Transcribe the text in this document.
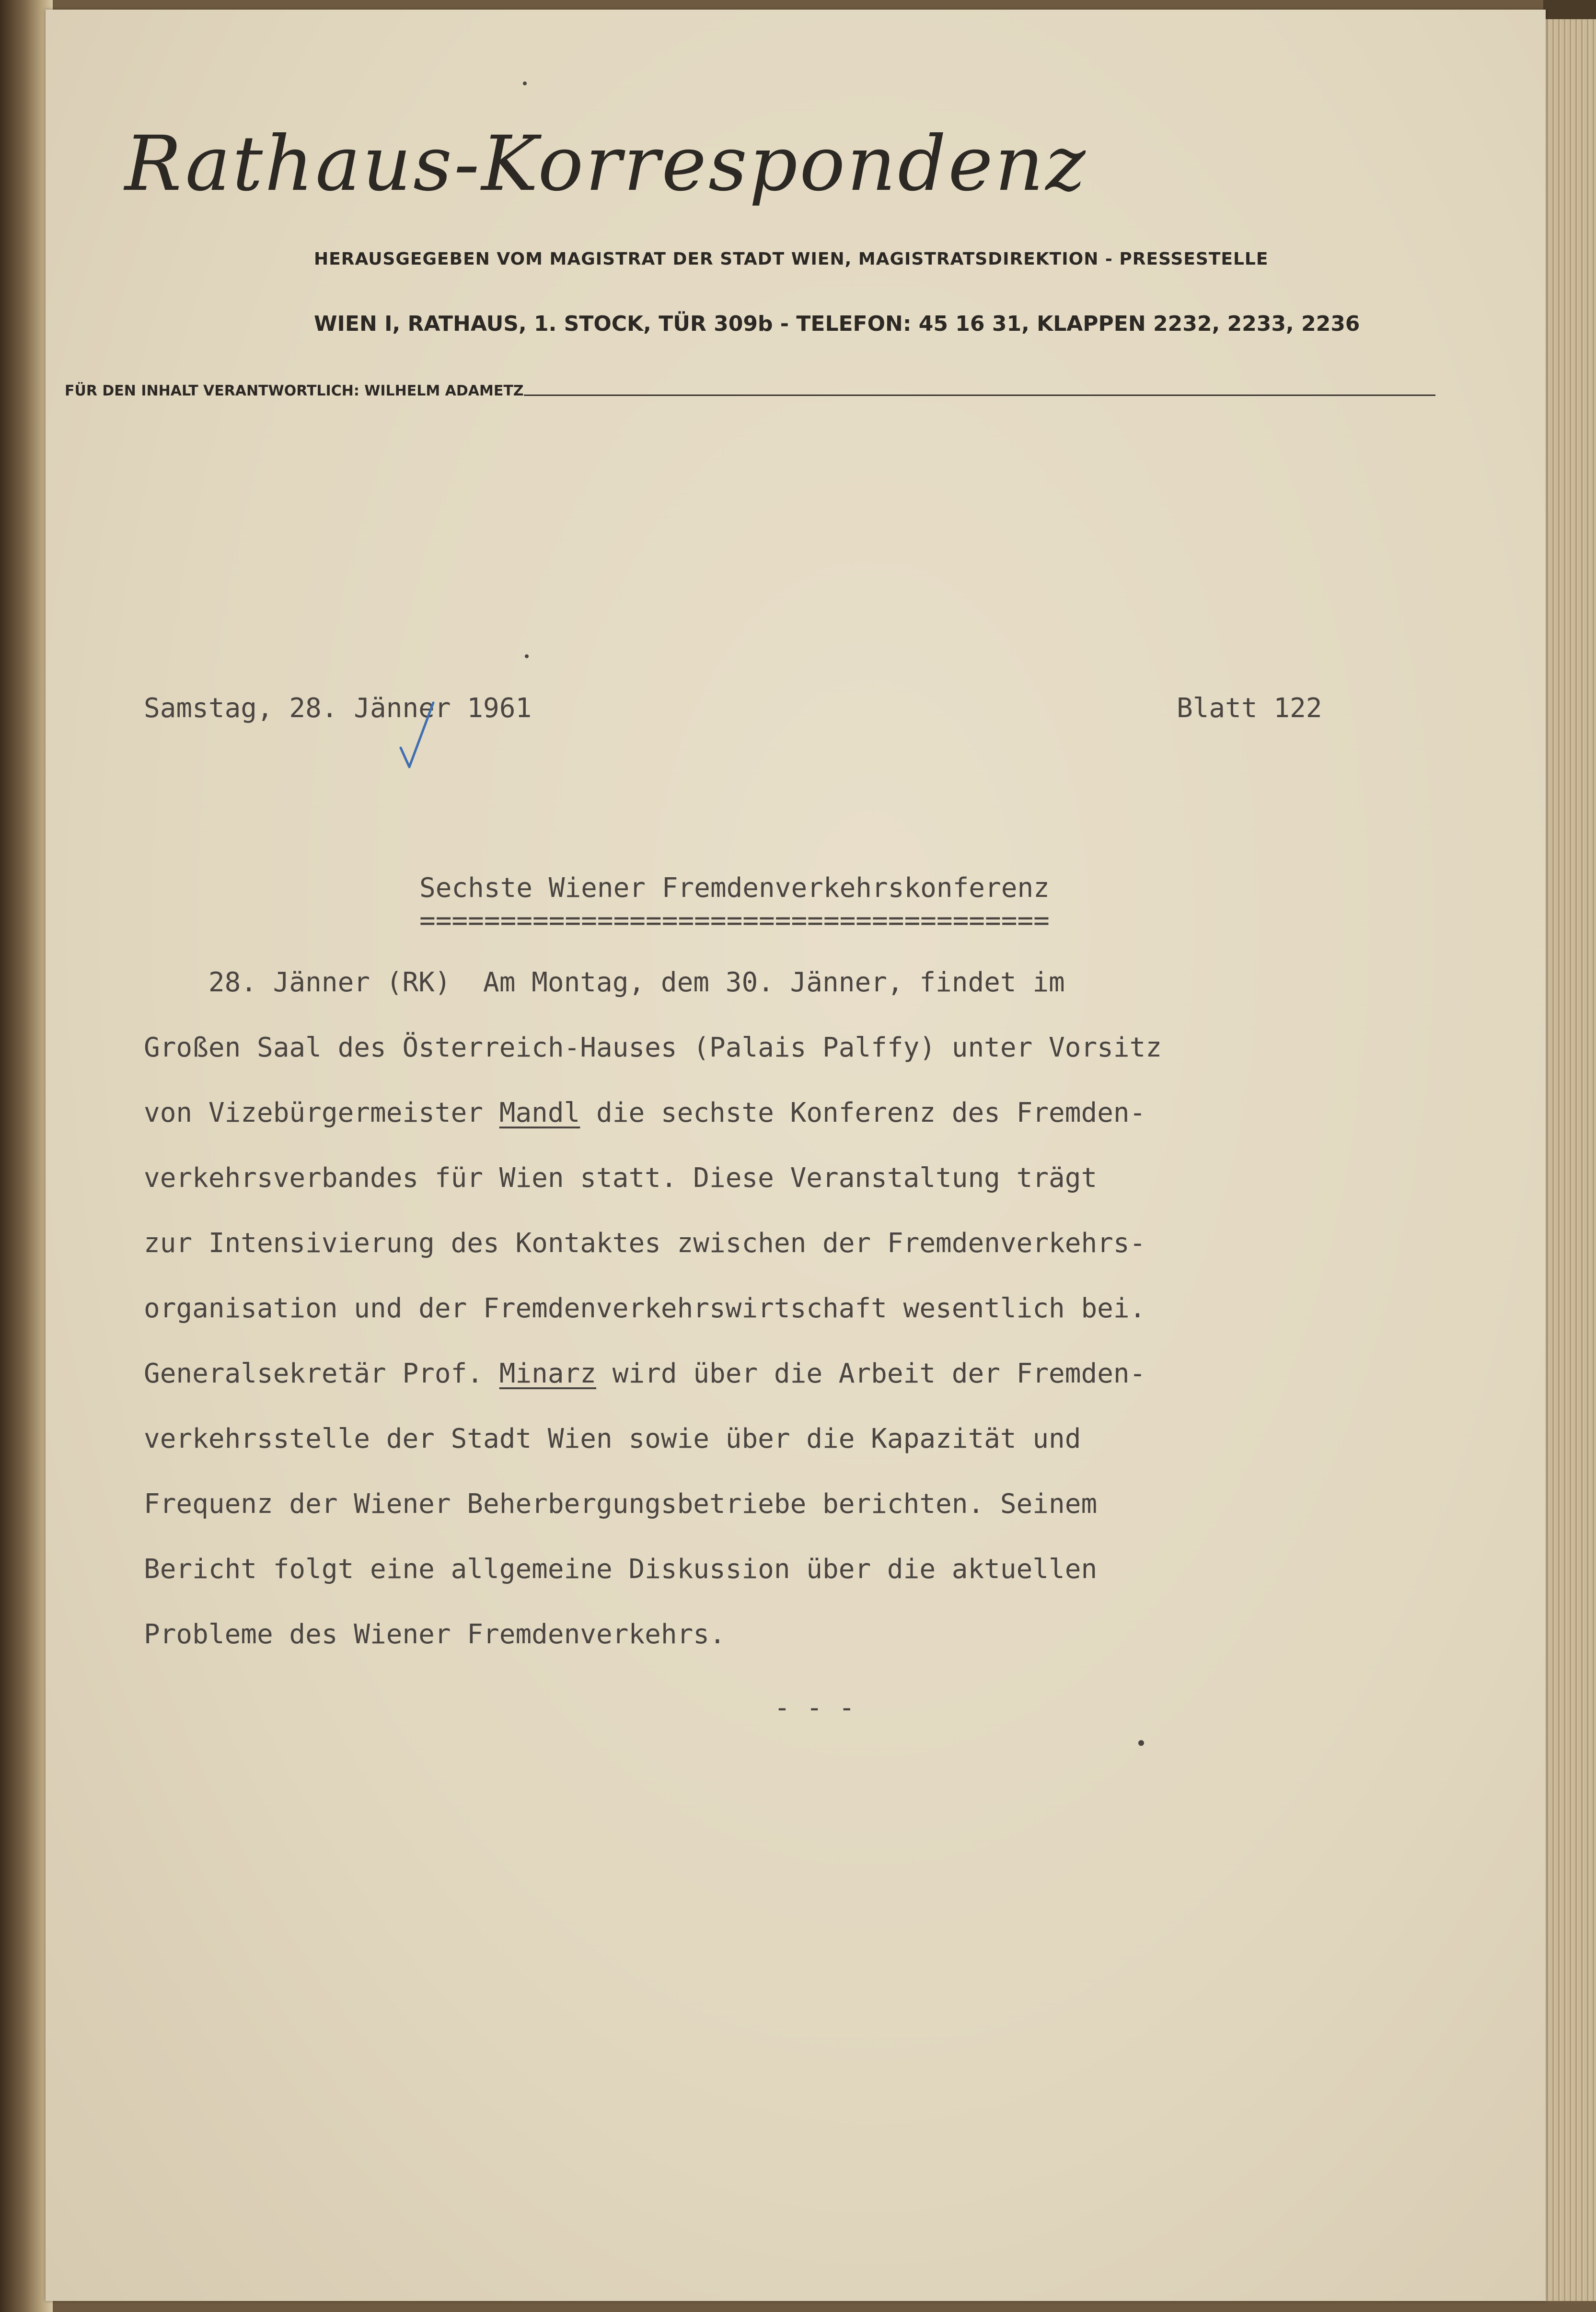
Rathaus-Korrespondenz
HERAUSGEGEBEN VOM MAGISTRAT DER STADT WIEN, MAGISTRATSDIREKTION - PRESSESTELLE
WIEN I, RATHAUS, 1. STOCK, TÜR 309b - TELEFON: 45 16 31, KLAPPEN 2232, 2233, 2236
FÜR DEN INHALT VERANTWORTLICH: WILHELM ADAMETZ
Samstag, 28. Jänner 1961	Blatt 122
Sechste Wiener Fremdenverkehrskonferenz
=======================================
28. Jänner (RK)  Am Montag, dem 30. Jänner, findet im
Großen Saal des Österreich-Hauses (Palais Palffy) unter Vorsitz
von Vizebürgermeister Mandl die sechste Konferenz des Fremden-
verkehrsverbandes für Wien statt. Diese Veranstaltung trägt
zur Intensivierung des Kontaktes zwischen der Fremdenverkehrs-
organisation und der Fremdenverkehrswirtschaft wesentlich bei.
Generalsekretär Prof. Minarz wird über die Arbeit der Fremden-
verkehrsstelle der Stadt Wien sowie über die Kapazität und
Frequenz der Wiener Beherbergungsbetriebe berichten. Seinem
Bericht folgt eine allgemeine Diskussion über die aktuellen
Probleme des Wiener Fremdenverkehrs.
- - -
